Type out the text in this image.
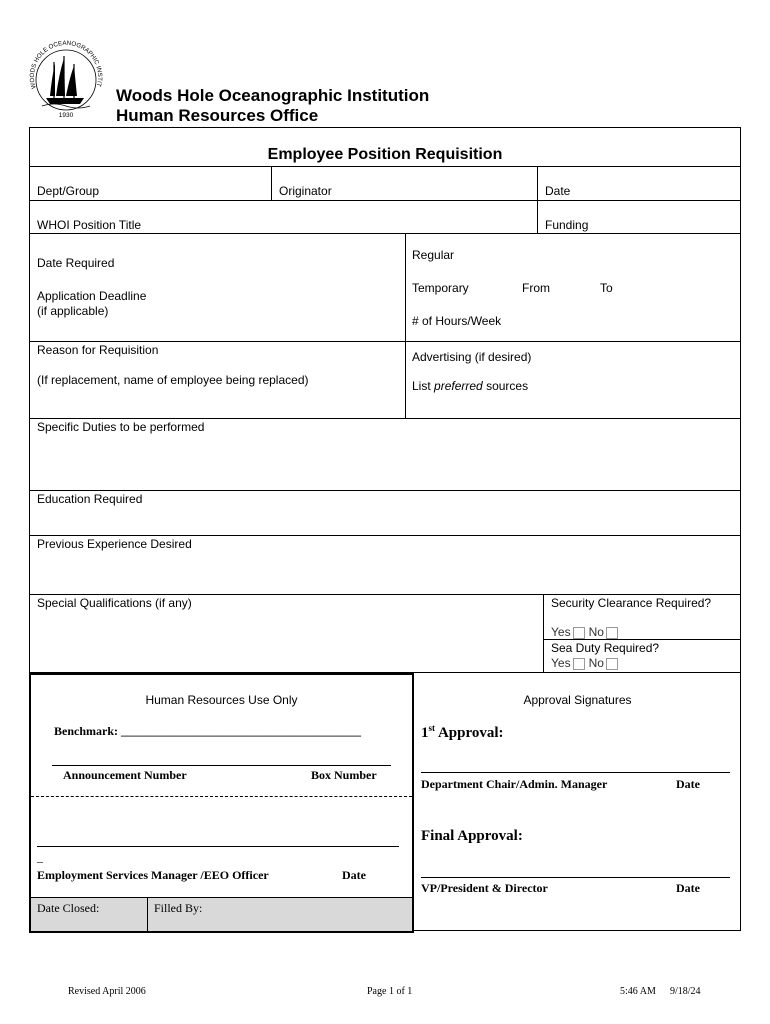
WOODS HOLE OCEANOGRAPHIC INSTIT
1930
Woods Hole Oceanographic Institution
Human Resources Office
Employee Position Requisition
Dept/Group	Originator	Date
WHOI Position Title	Funding
Date Required
Application Deadline
(if applicable)
Regular
Temporary	From	To
# of Hours/Week
Reason for Requisition
(If replacement, name of employee being replaced)
Advertising (if desired)
List preferred sources
Specific Duties to be performed
Education Required
Previous Experience Desired
Special Qualifications (if any)	Security Clearance Required?
Yes No
Sea Duty Required?
Yes No
Human Resources Use Only
Benchmark: ________________________________________
Announcement Number	Box Number
_
Employment Services Manager /EEO Officer	Date
Date Closed:	Filled By:
Approval Signatures
1st Approval:
Department Chair/Admin. Manager	Date
Final Approval:
VP/President & Director	Date
Revised April 2006	Page 1 of 1	5:46 AM 9/18/24
